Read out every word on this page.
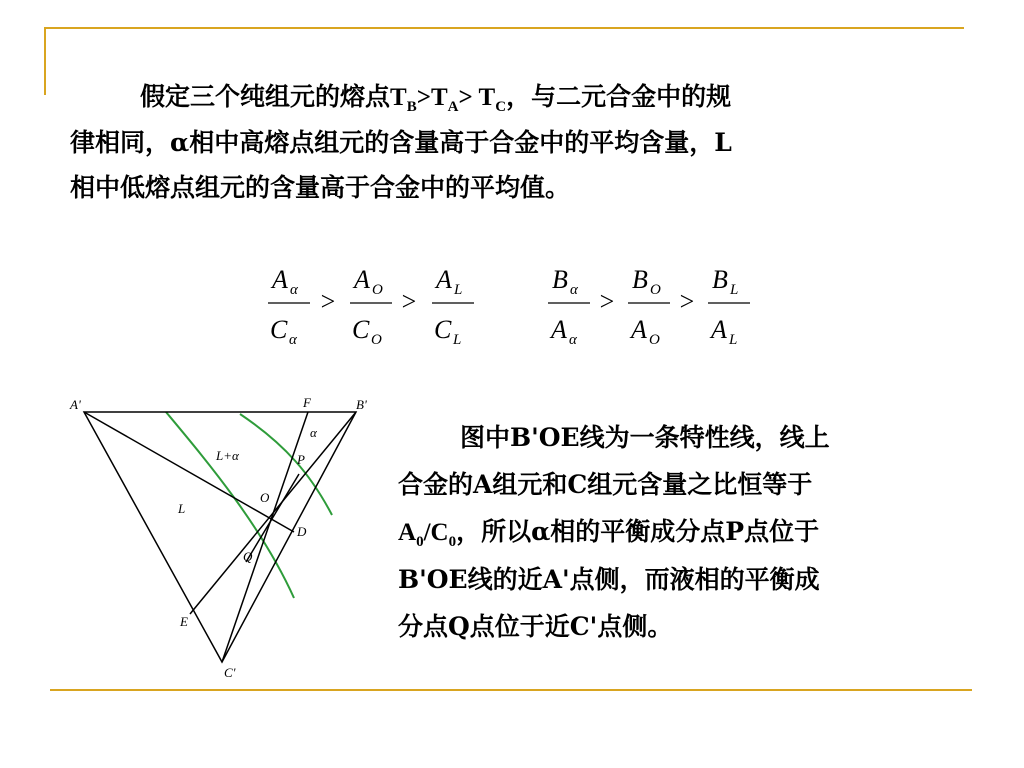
假定三个纯组元的熔点$T_B>T_A> T_C$，与二元合金中的规
律相同，α相中高熔点组元的含量高于合金中的平均含量，L
相中低熔点组元的含量高于合金中的平均值。
A α
C α
>
A O
C O
>
A L
C L
B α
A α
>
B O
A O
>
B L
A L
A'	B'
C'
F
α
L+α	P
O
D
L
Q
E
图中B'OE线为一条特性线，线上
合金的A组元和C组元含量之比恒等于
$A_0/C_0$，所以α相的平衡成分点P点位于
B'OE线的近A'点侧，而液相的平衡成
分点Q点位于近C'点侧。
